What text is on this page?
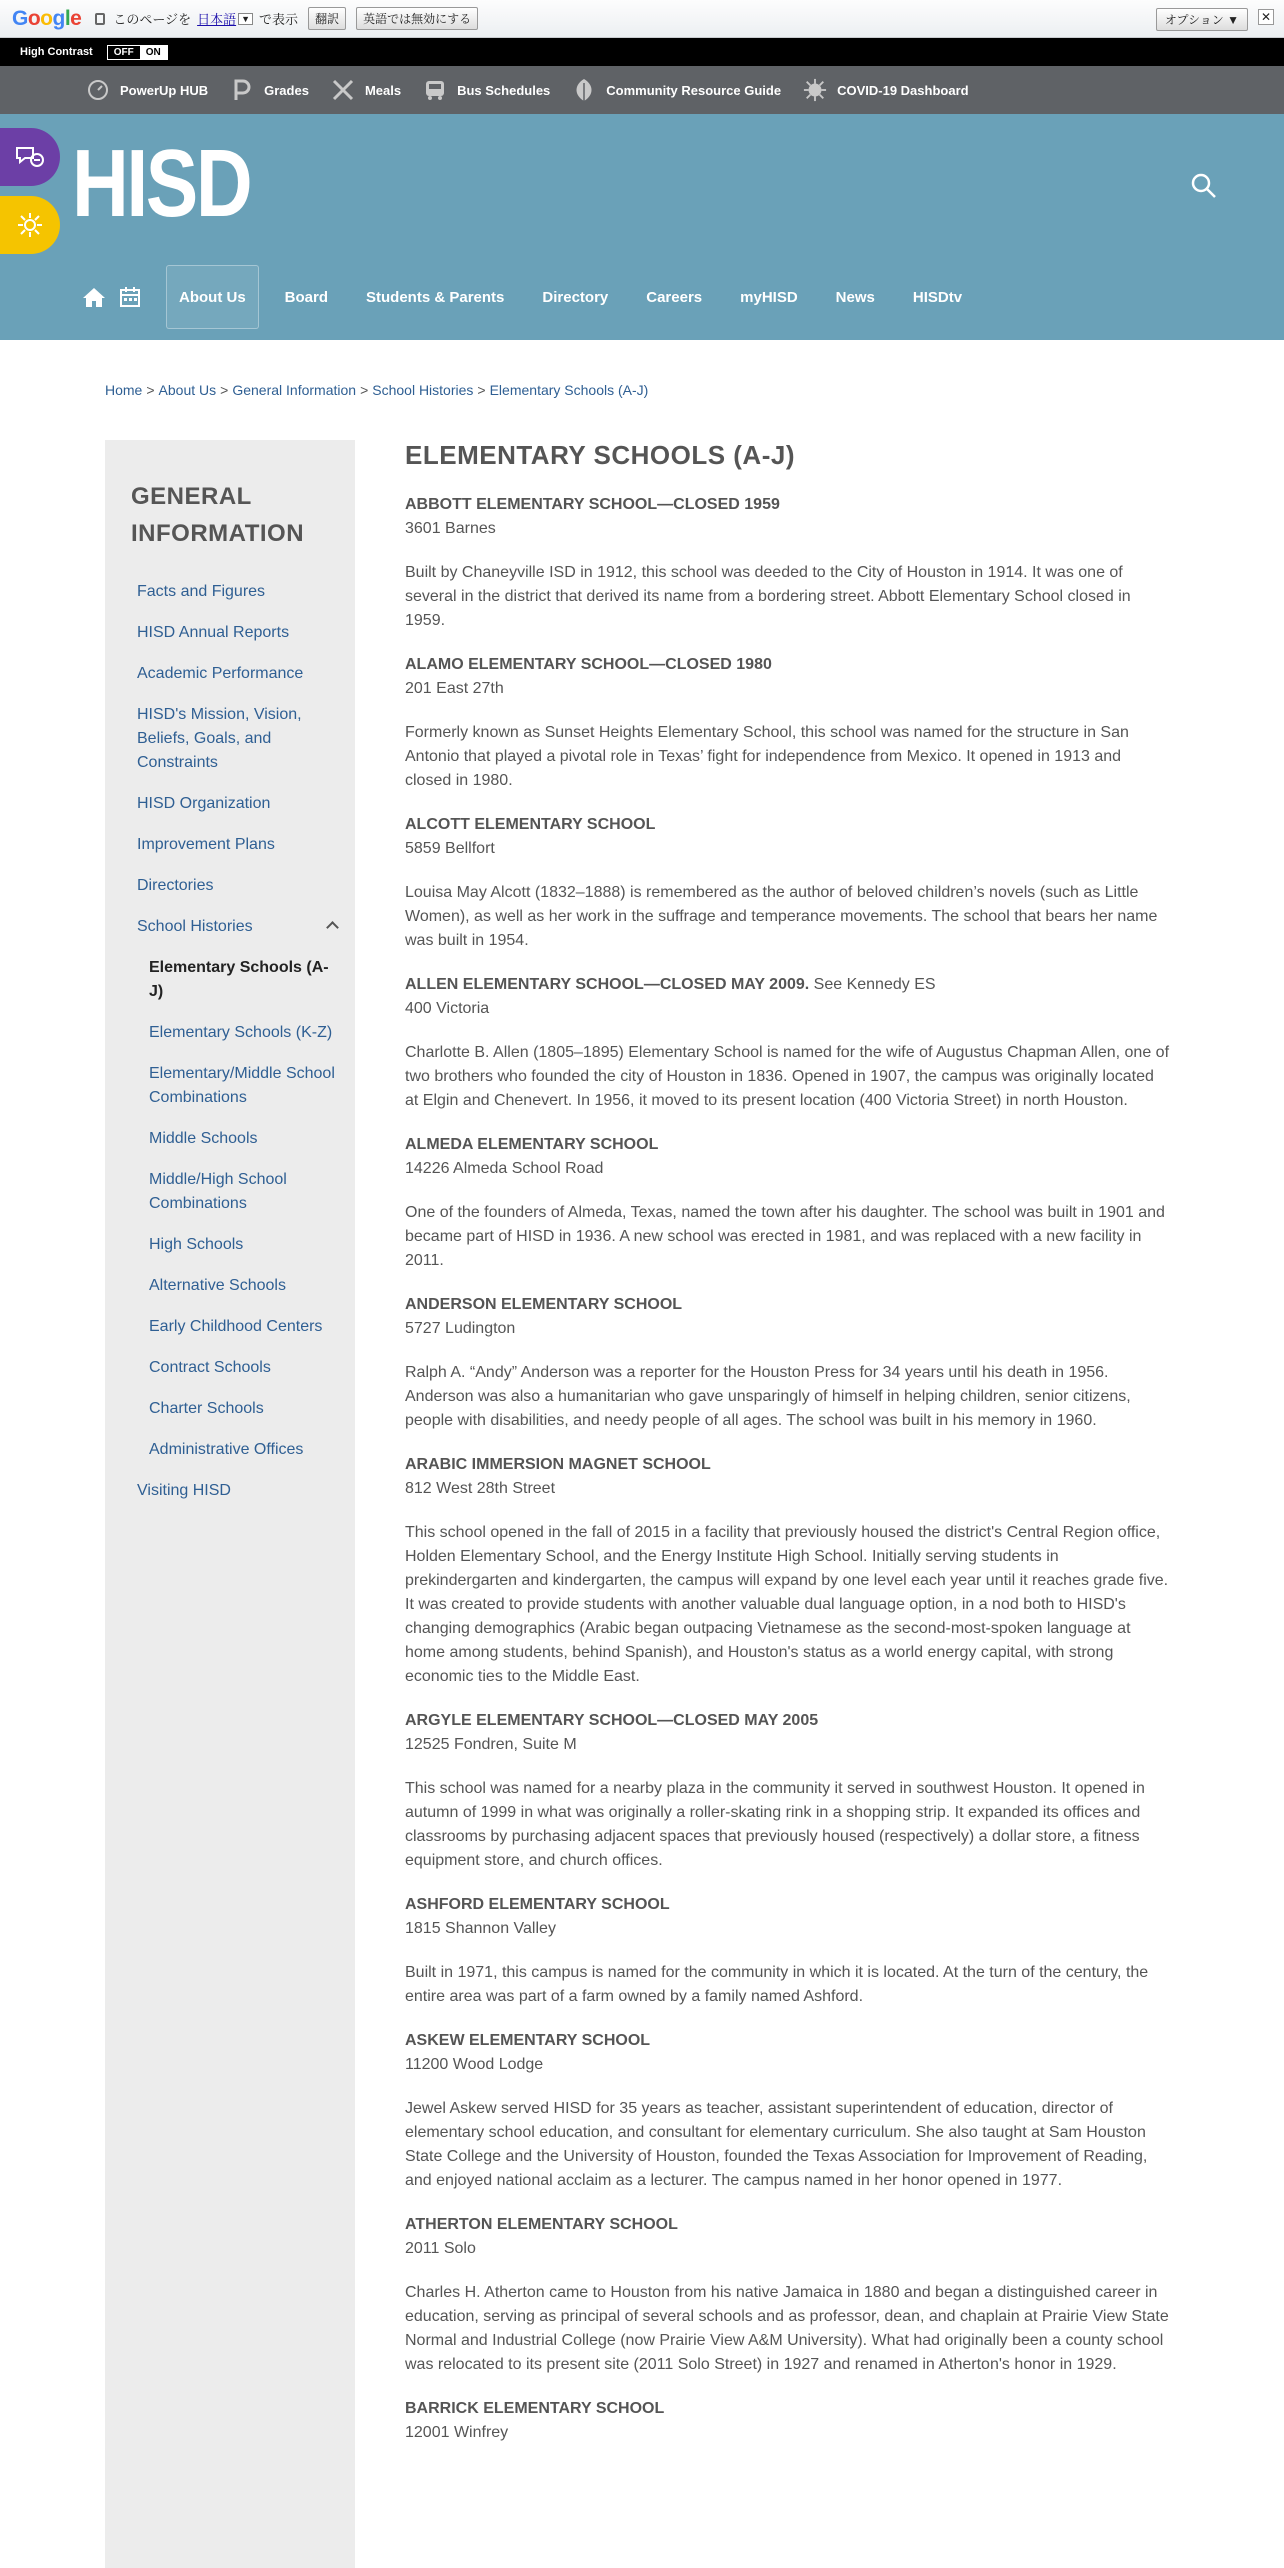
Google このページを 日本語 ▼ で表示	翻訳	英語では無効にする	オプション ▼	✕
High Contrast	OFF	ON
PowerUp HUB	Grades	Meals	Bus Schedules	Community Resource Guide	COVID-19 Dashboard
HISD
About Us	Board	Students & Parents	Directory	Careers	myHISD	News	HISDtv
Home > About Us > General Information > School Histories > Elementary Schools (A-J)
GENERAL INFORMATION
Facts and Figures
HISD Annual Reports
Academic Performance
HISD's Mission, Vision, Beliefs, Goals, and Constraints
HISD Organization
Improvement Plans
Directories
School Histories
Elementary Schools (A-J)
Elementary Schools (K-Z)
Elementary/Middle School Combinations
Middle Schools
Middle/High School Combinations
High Schools
Alternative Schools
Early Childhood Centers
Contract Schools
Charter Schools
Administrative Offices
Visiting HISD
ELEMENTARY SCHOOLS (A-J)
ABBOTT ELEMENTARY SCHOOL—CLOSED 1959
3601 Barnes

Built by Chaneyville ISD in 1912, this school was deeded to the City of Houston in 1914. It was one of several in the district that derived its name from a bordering street. Abbott Elementary School closed in 1959.

ALAMO ELEMENTARY SCHOOL—CLOSED 1980
201 East 27th

Formerly known as Sunset Heights Elementary School, this school was named for the structure in San Antonio that played a pivotal role in Texas’ fight for independence from Mexico. It opened in 1913 and closed in 1980.

ALCOTT ELEMENTARY SCHOOL
5859 Bellfort

Louisa May Alcott (1832–1888) is remembered as the author of beloved children’s novels (such as Little Women), as well as her work in the suffrage and temperance movements. The school that bears her name was built in 1954.

ALLEN ELEMENTARY SCHOOL—CLOSED MAY 2009. See Kennedy ES
400 Victoria

Charlotte B. Allen (1805–1895) Elementary School is named for the wife of Augustus Chapman Allen, one of two brothers who founded the city of Houston in 1836. Opened in 1907, the campus was originally located at Elgin and Chenevert. In 1956, it moved to its present location (400 Victoria Street) in north Houston.

ALMEDA ELEMENTARY SCHOOL
14226 Almeda School Road

One of the founders of Almeda, Texas, named the town after his daughter. The school was built in 1901 and became part of HISD in 1936. A new school was erected in 1981, and was replaced with a new facility in 2011.

ANDERSON ELEMENTARY SCHOOL
5727 Ludington

Ralph A. “Andy” Anderson was a reporter for the Houston Press for 34 years until his death in 1956. Anderson was also a humanitarian who gave unsparingly of himself in helping children, senior citizens, people with disabilities, and needy people of all ages. The school was built in his memory in 1960.

ARABIC IMMERSION MAGNET SCHOOL
812 West 28th Street

This school opened in the fall of 2015 in a facility that previously housed the district's Central Region office, Holden Elementary School, and the Energy Institute High School. Initially serving students in prekindergarten and kindergarten, the campus will expand by one level each year until it reaches grade five. It was created to provide students with another valuable dual language option, in a nod both to HISD's changing demographics (Arabic began outpacing Vietnamese as the second-most-spoken language at home among students, behind Spanish), and Houston's status as a world energy capital, with strong economic ties to the Middle East.

ARGYLE ELEMENTARY SCHOOL—CLOSED MAY 2005
12525 Fondren, Suite M

This school was named for a nearby plaza in the community it served in southwest Houston. It opened in autumn of 1999 in what was originally a roller-skating rink in a shopping strip. It expanded its offices and classrooms by purchasing adjacent spaces that previously housed (respectively) a dollar store, a fitness equipment store, and church offices.

ASHFORD ELEMENTARY SCHOOL
1815 Shannon Valley

Built in 1971, this campus is named for the community in which it is located. At the turn of the century, the entire area was part of a farm owned by a family named Ashford.

ASKEW ELEMENTARY SCHOOL
11200 Wood Lodge

Jewel Askew served HISD for 35 years as teacher, assistant superintendent of education, director of elementary school education, and consultant for elementary curriculum. She also taught at Sam Houston State College and the University of Houston, founded the Texas Association for Improvement of Reading, and enjoyed national acclaim as a lecturer. The campus named in her honor opened in 1977.

ATHERTON ELEMENTARY SCHOOL
2011 Solo

Charles H. Atherton came to Houston from his native Jamaica in 1880 and began a distinguished career in education, serving as principal of several schools and as professor, dean, and chaplain at Prairie View State Normal and Industrial College (now Prairie View A&M University). What had originally been a county school was relocated to its present site (2011 Solo Street) in 1927 and renamed in Atherton's honor in 1929.

BARRICK ELEMENTARY SCHOOL
12001 Winfrey
